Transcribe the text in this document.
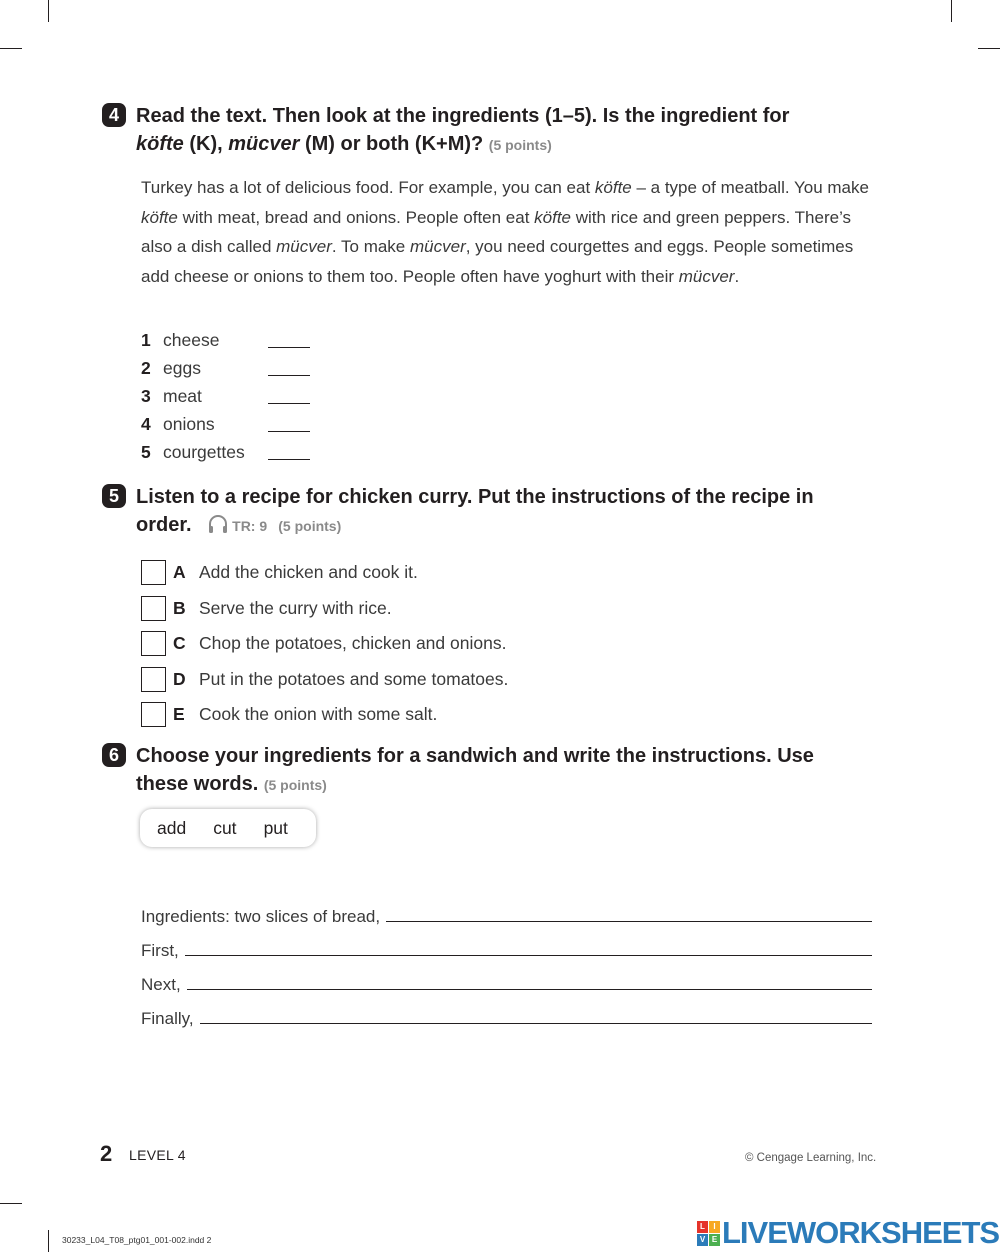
4 Read the text. Then look at the ingredients (1–5). Is the ingredient for
köfte (K), mücver (M) or both (K+M)? (5 points)
Turkey has a lot of delicious food. For example, you can eat köfte – a type of meatball. You make köfte with meat, bread and onions. People often eat köfte with rice and green peppers. There’s also a dish called mücver. To make mücver, you need courgettes and eggs. People sometimes add cheese or onions to them too. People often have yoghurt with their mücver.
1 cheese
2 eggs
3 meat
4 onions
5 courgettes
5 Listen to a recipe for chicken curry. Put the instructions of the recipe in
order.	TR: 9 (5 points)
A Add the chicken and cook it.
B Serve the curry with rice.
C Chop the potatoes, chicken and onions.
D Put in the potatoes and some tomatoes.
E Cook the onion with some salt.
6 Choose your ingredients for a sandwich and write the instructions. Use
these words. (5 points)
add cut put
Ingredients: two slices of bread,
First,
Next,
Finally,
2 LEVEL 4	© Cengage Learning, Inc.
30233_L04_T08_ptg01_001-002.indd 2
L	I
V E LIVEWORKSHEETS
